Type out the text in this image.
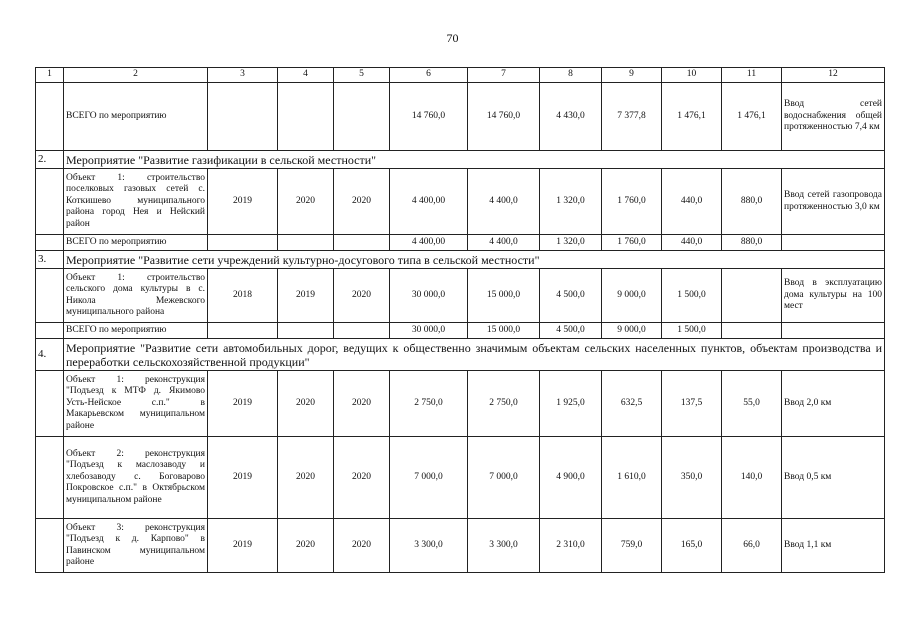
70
1	2	3	4	5	6	7	8	9	10	11	12
	ВСЕГО по мероприятию				14 760,0	14 760,0	4 430,0	7 377,8	1 476,1	1 476,1	Ввод сетей водоснабжения общей протяженностью 7,4 км
2.	Мероприятие "Развитие газификации в сельской местности"										
	Объект 1: строительство поселковых газовых сетей с. Коткишево муниципального района город Нея и Нейский район	2019	2020	2020	4 400,00	4 400,0	1 320,0	1 760,0	440,0	880,0	Ввод сетей газопровода протяженностью 3,0 км
	ВСЕГО по мероприятию				4 400,00	4 400,0	1 320,0	1 760,0	440,0	880,0	
3.	Мероприятие "Развитие сети учреждений культурно-досугового типа в сельской местности"										
	Объект 1: строительство сельского дома культуры в с. Никола Межевского муниципального района	2018	2019	2020	30 000,0	15 000,0	4 500,0	9 000,0	1 500,0		Ввод в эксплуатацию дома культуры на 100 мест
	ВСЕГО по мероприятию				30 000,0	15 000,0	4 500,0	9 000,0	1 500,0		
4.	Мероприятие "Развитие сети автомобильных дорог, ведущих к общественно значимым объектам сельских населенных пунктов, объектам производства и переработки сельскохозяйственной продукции"										
	Объект 1: реконструкция "Подъезд к МТФ д. Якимово Усть-Нейское с.п." в Макарьевском муниципальном районе	2019	2020	2020	2 750,0	2 750,0	1 925,0	632,5	137,5	55,0	Ввод 2,0 км
	Объект 2: реконструкция "Подъезд к маслозаводу и хлебозаводу с. Боговарово Покровское с.п." в Октябрьском муниципальном районе	2019	2020	2020	7 000,0	7 000,0	4 900,0	1 610,0	350,0	140,0	Ввод 0,5 км
	Объект 3: реконструкция "Подъезд к д. Карпово" в Павинском муниципальном районе	2019	2020	2020	3 300,0	3 300,0	2 310,0	759,0	165,0	66,0	Ввод 1,1 км
